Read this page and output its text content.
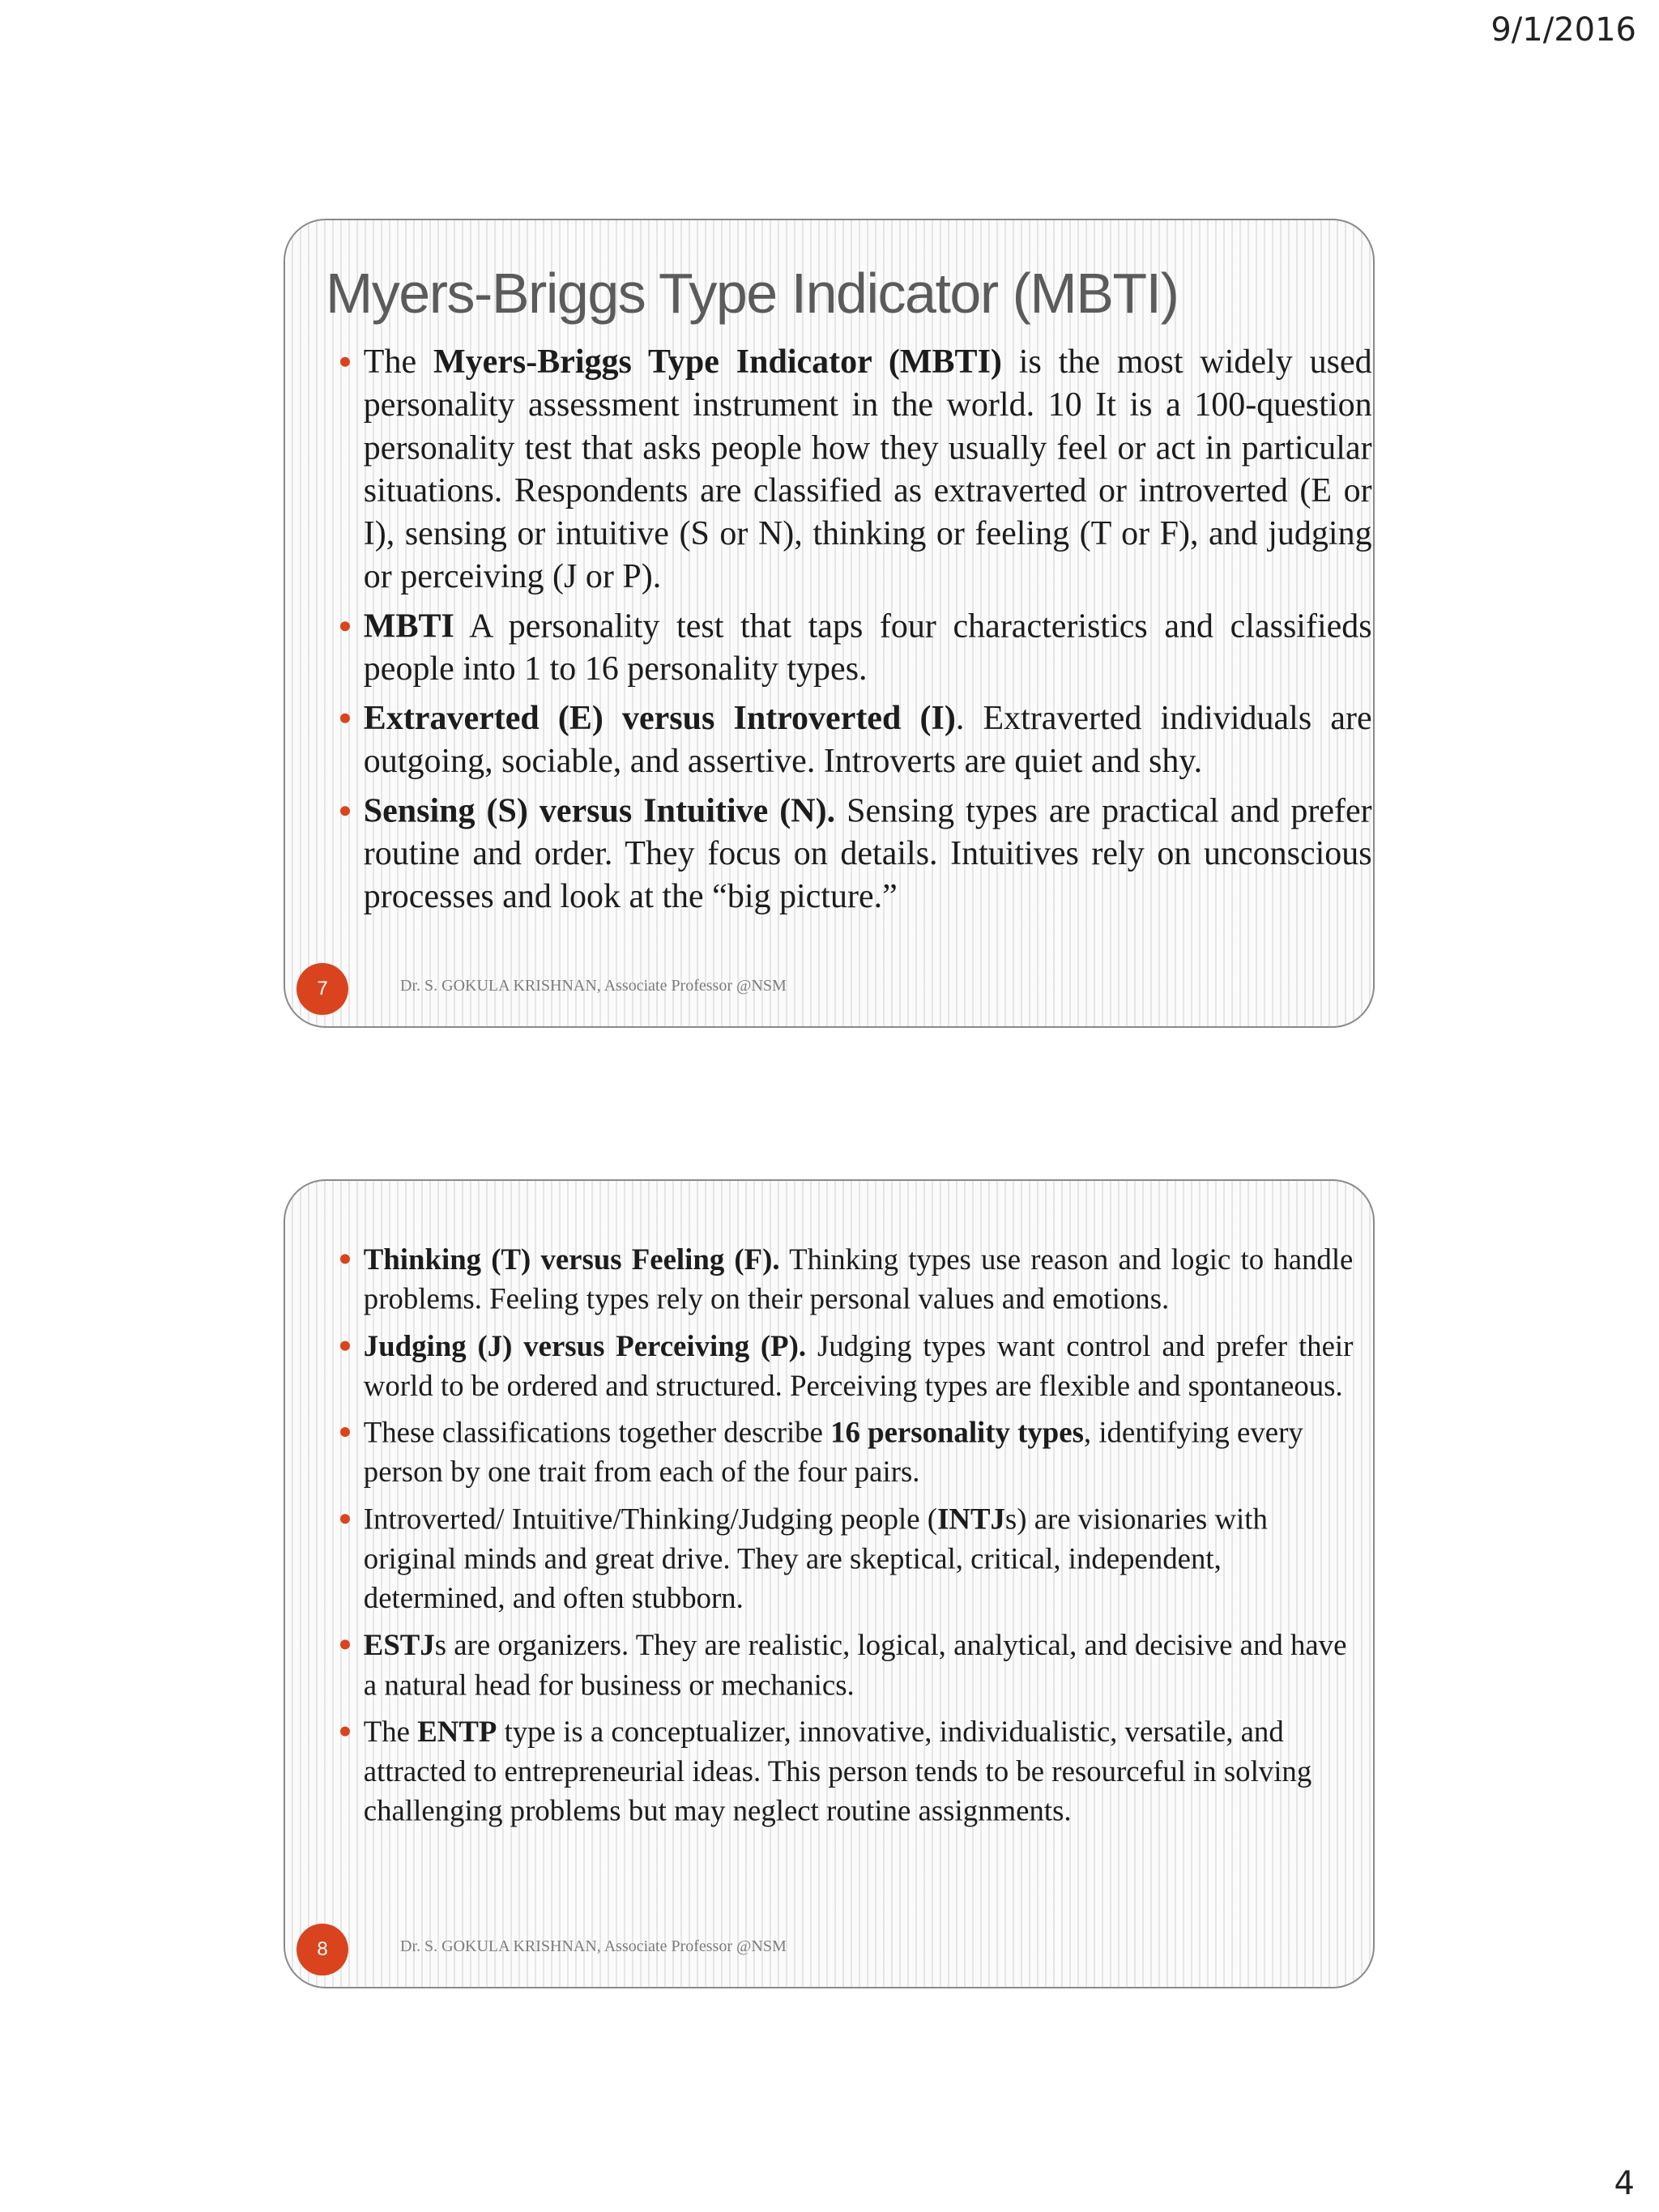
9/1/2016
Myers-Briggs Type Indicator (MBTI)
The Myers-Briggs Type Indicator (MBTI) is the most widely used personality assessment instrument in the world. 10 It is a 100-question personality test that asks people how they usually feel or act in particular situations. Respondents are classified as extraverted or introverted (E or I), sensing or intuitive (S or N), thinking or feeling (T or F), and judging or perceiving (J or P).
MBTI A personality test that taps four characteristics and classifieds people into 1 to 16 personality types.
Extraverted (E) versus Introverted (I). Extraverted individuals are outgoing, sociable, and assertive. Introverts are quiet and shy.
Sensing (S) versus Intuitive (N). Sensing types are practical and prefer routine and order. They focus on details. Intuitives rely on unconscious processes and look at the “big picture.”
7	Dr. S. GOKULA KRISHNAN, Associate Professor @NSM
Thinking (T) versus Feeling (F). Thinking types use reason and logic to handle problems. Feeling types rely on their personal values and emotions.
Judging (J) versus Perceiving (P). Judging types want control and prefer their world to be ordered and structured. Perceiving types are flexible and spontaneous.
These classifications together describe 16 personality types, identifying every person by one trait from each of the four pairs.
Introverted/ Intuitive/Thinking/Judging people (INTJs) are visionaries with original minds and great drive. They are skeptical, critical, independent, determined, and often stubborn.
ESTJs are organizers. They are realistic, logical, analytical, and decisive and have a natural head for business or mechanics.
The ENTP type is a conceptualizer, innovative, individualistic, versatile, and attracted to entrepreneurial ideas. This person tends to be resourceful in solving challenging problems but may neglect routine assignments.
8	Dr. S. GOKULA KRISHNAN, Associate Professor @NSM
4
